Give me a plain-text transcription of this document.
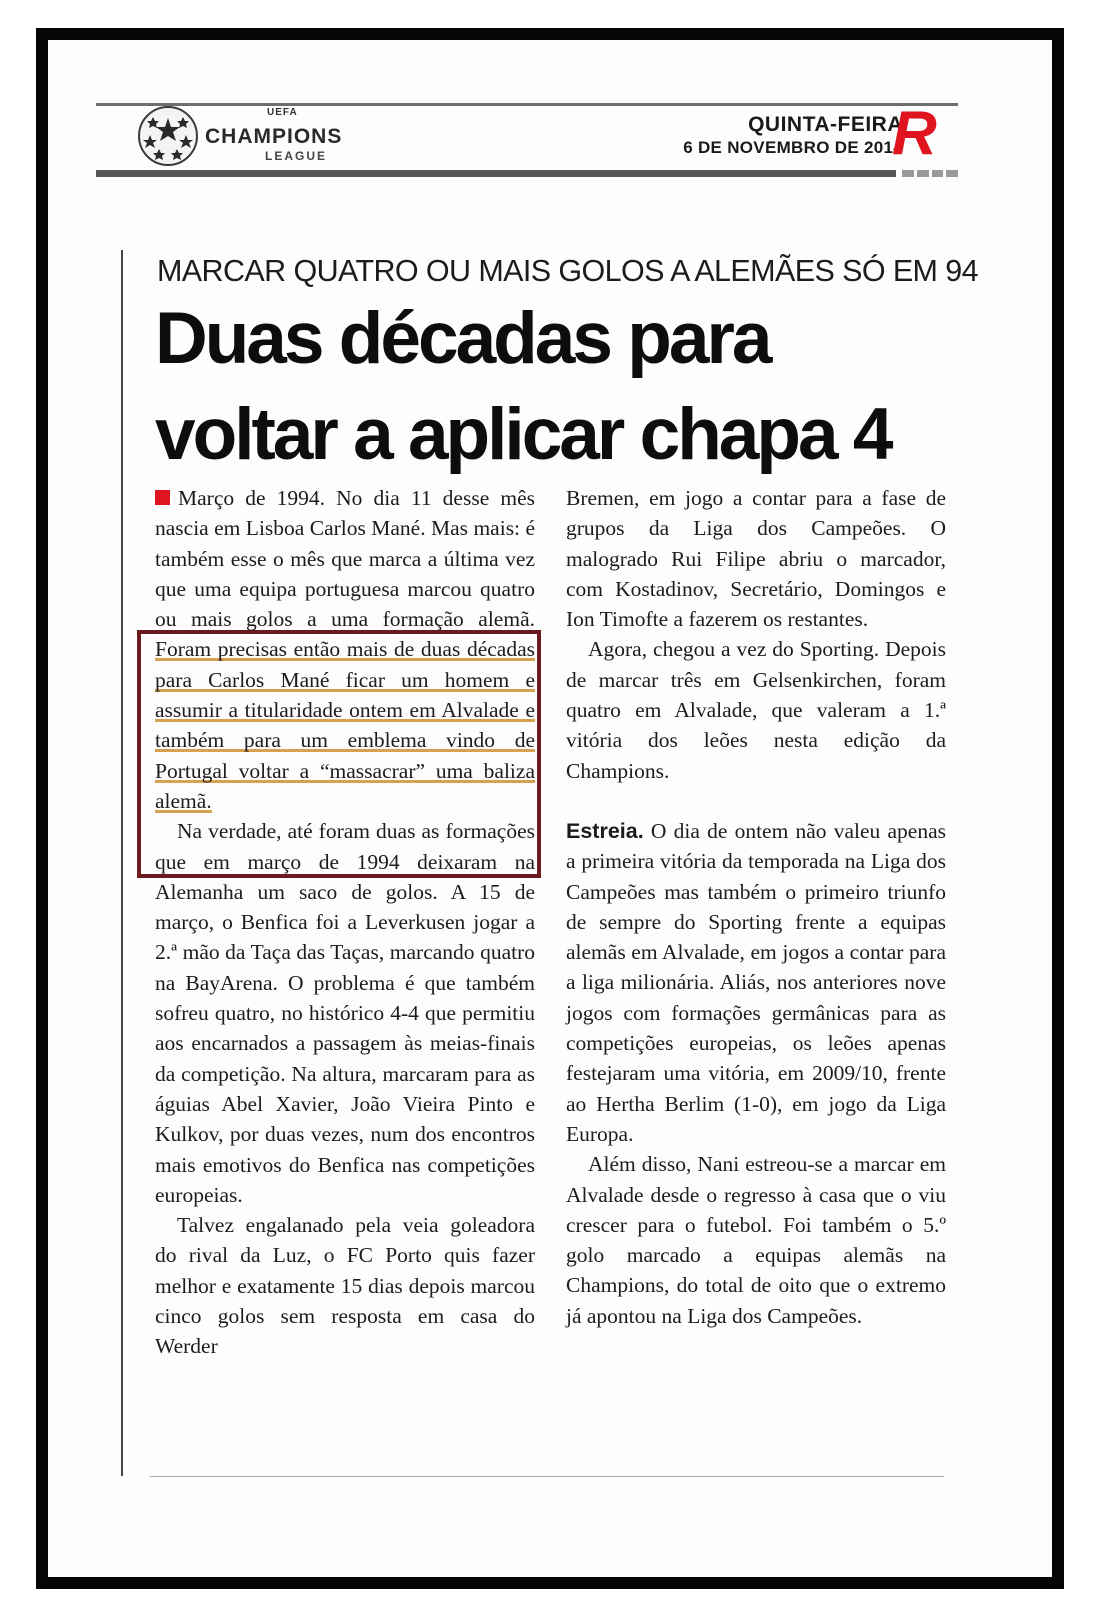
UEFA
CHAMPIONS
LEAGUE
QUINTA-FEIRA
6 DE NOVEMBRO DE 2014
R
MARCAR QUATRO OU MAIS GOLOS A ALEMÃES SÓ EM 94
Duas décadas para
voltar a aplicar chapa 4

Março de 1994. No dia 11 desse mês nascia em Lisboa Carlos Mané. Mas mais: é também esse o mês que marca a última vez que uma equipa portuguesa marcou quatro ou mais golos a uma formação alemã. Foram precisas então mais de duas décadas para Carlos Mané ficar um homem e assumir a titularidade ontem em Alvalade e também para um emblema vindo de Portugal voltar a “massacrar” uma baliza alemã.

Na verdade, até foram duas as formações que em março de 1994 deixaram na Alemanha um saco de golos. A 15 de março, o Benfica foi a Leverkusen jogar a 2.ª mão da Taça das Taças, marcando quatro na BayArena. O problema é que também sofreu quatro, no histórico 4-4 que permitiu aos encarnados a passagem às meias-finais da competição. Na altura, marcaram para as águias Abel Xavier, João Vieira Pinto e Kulkov, por duas vezes, num dos encontros mais emotivos do Benfica nas competições europeias.

Talvez engalanado pela veia goleadora do rival da Luz, o FC Porto quis fazer melhor e exatamente 15 dias depois marcou cinco golos sem resposta em casa do Werder

Bremen, em jogo a contar para a fase de grupos da Liga dos Campeões. O malogrado Rui Filipe abriu o marcador, com Kostadinov, Secretário, Domingos e Ion Timofte a fazerem os restantes.

Agora, chegou a vez do Sporting. Depois de marcar três em Gelsenkirchen, foram quatro em Alvalade, que valeram a 1.ª vitória dos leões nesta edição da Champions.

Estreia. O dia de ontem não valeu apenas a primeira vitória da temporada na Liga dos Campeões mas também o primeiro triunfo de sempre do Sporting frente a equipas alemãs em Alvalade, em jogos a contar para a liga milionária. Aliás, nos anteriores nove jogos com formações germânicas para as competições europeias, os leões apenas festejaram uma vitória, em 2009/10, frente ao Hertha Berlim (1-0), em jogo da Liga Europa.

Além disso, Nani estreou-se a marcar em Alvalade desde o regresso à casa que o viu crescer para o futebol. Foi também o 5.º golo marcado a equipas alemãs na Champions, do total de oito que o extremo já apontou na Liga dos Campeões.
